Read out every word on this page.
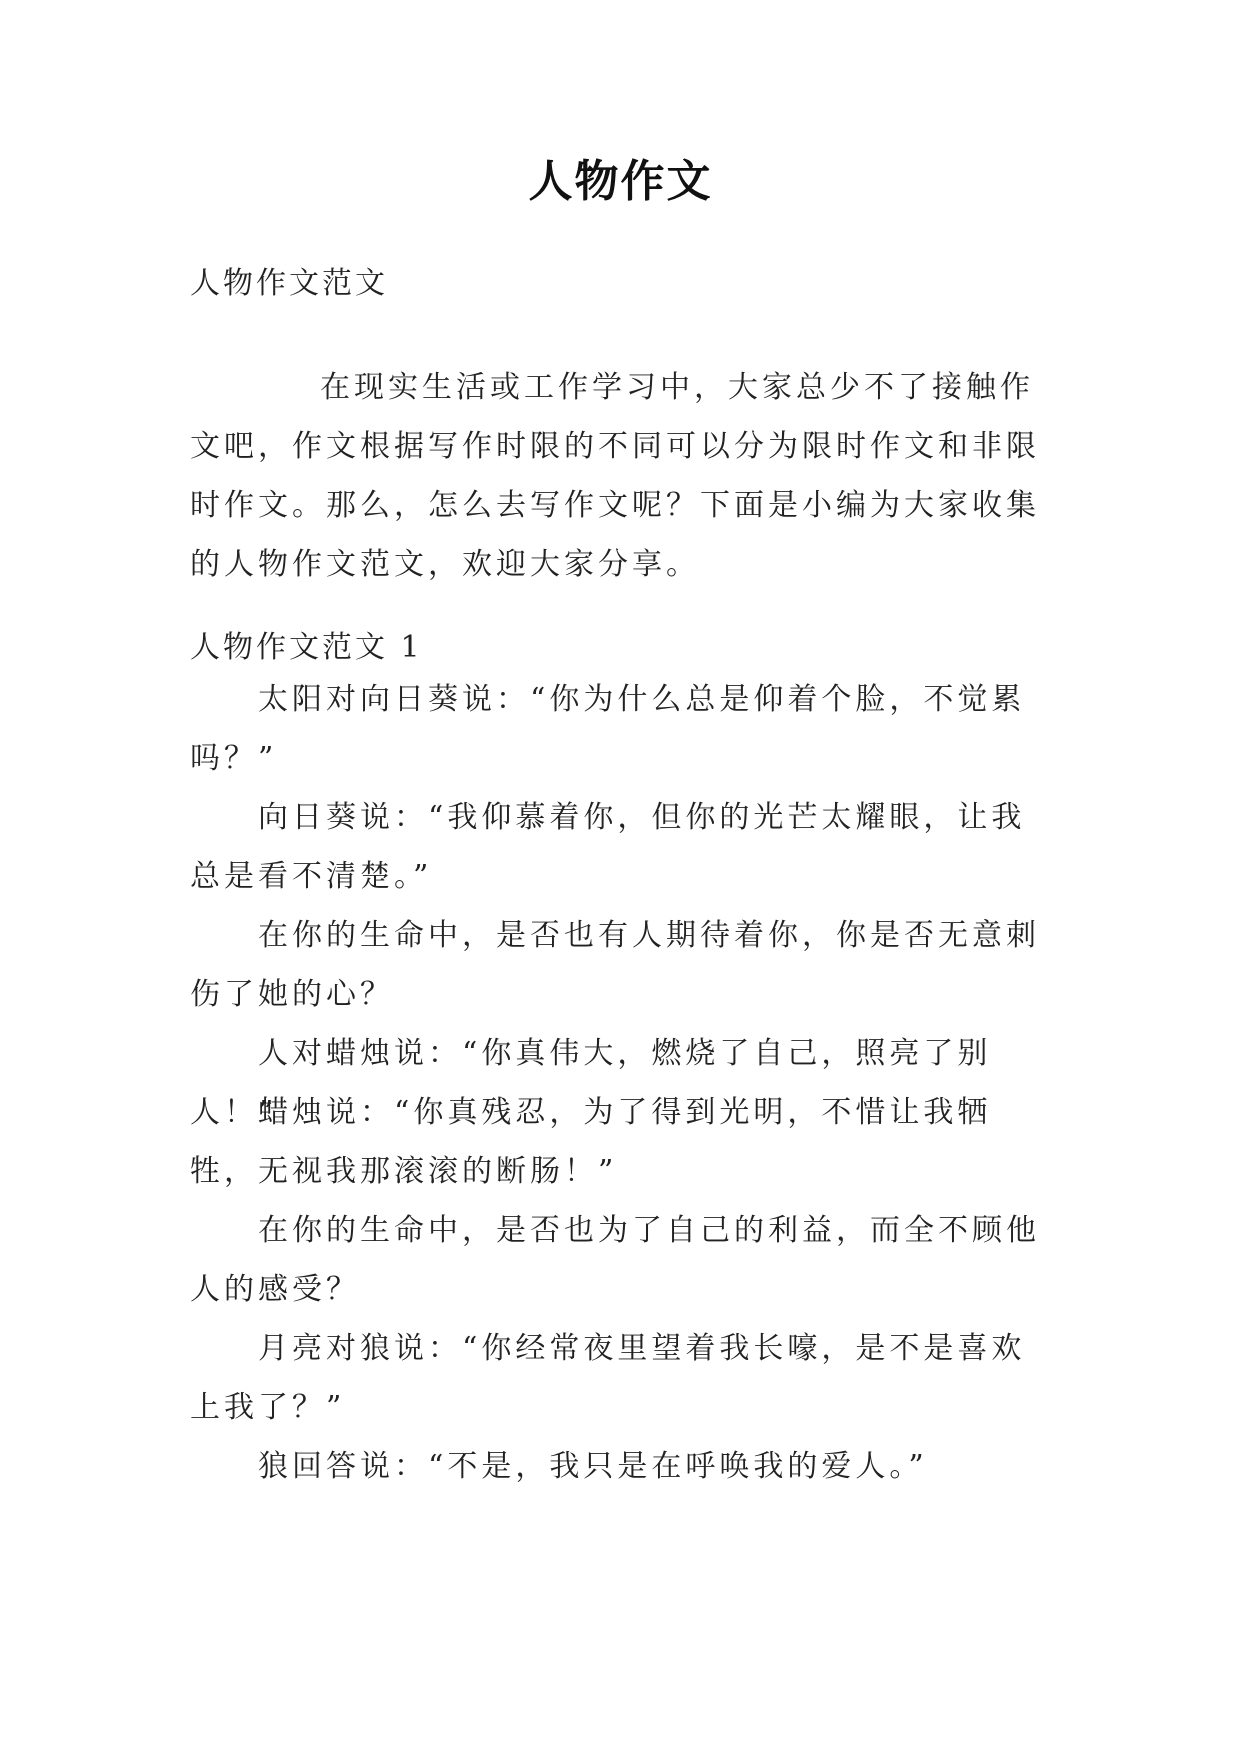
人物作文

人物作文范文

在现实生活或工作学习中，大家总少不了接触作文吧，作文根据写作时限的不同可以分为限时作文和非限时作文。那么，怎么去写作文呢？下面是小编为大家收集的人物作文范文，欢迎大家分享。

人物作文范文 1

太阳对向日葵说：“你为什么总是仰着个脸，不觉累吗？”

向日葵说：“我仰慕着你，但你的光芒太耀眼，让我总是看不清楚。”

在你的生命中，是否也有人期待着你，你是否无意刺伤了她的心？

人对蜡烛说：“你真伟大，燃烧了自己，照亮了别人！”

蜡烛说：“你真残忍，为了得到光明，不惜让我牺牲，无视我那滚滚的断肠！”

在你的生命中，是否也为了自己的利益，而全不顾他人的感受？

月亮对狼说：“你经常夜里望着我长嚎，是不是喜欢上我了？”

狼回答说：“不是，我只是在呼唤我的爱人。”
